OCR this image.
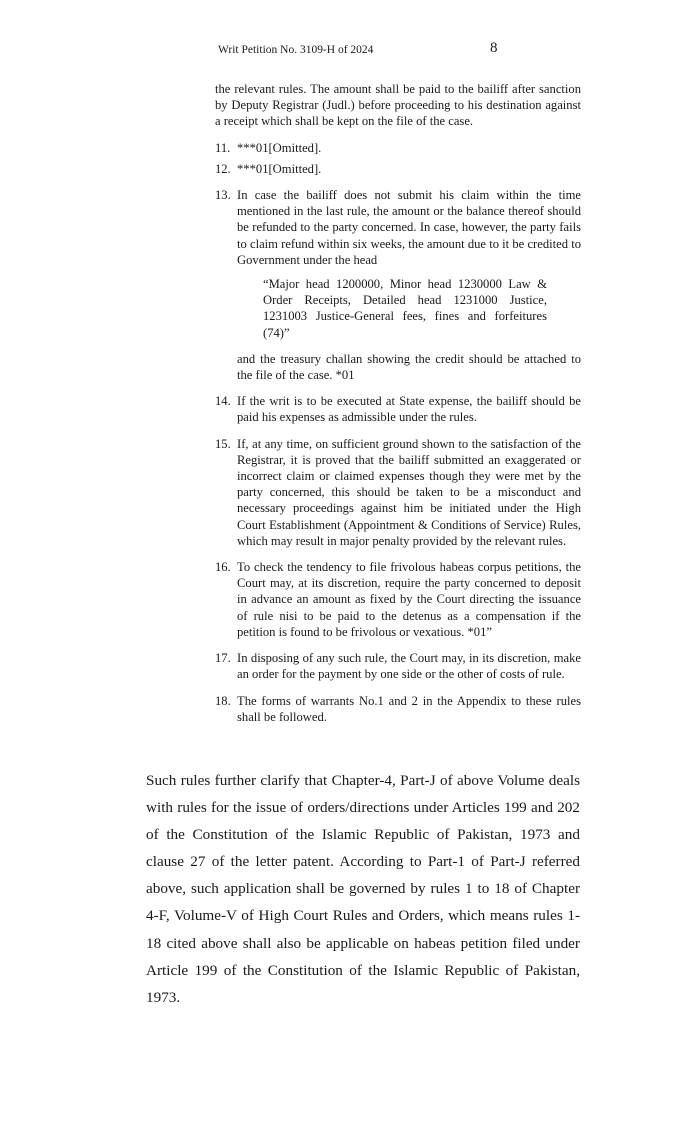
Writ Petition No. 3109-H of 2024	8

the relevant rules. The amount shall be paid to the bailiff after sanction by Deputy Registrar (Judl.) before proceeding to his destination against a receipt which shall be kept on the file of the case.

11. ***01[Omitted].
12. ***01[Omitted].
13. In case the bailiff does not submit his claim within the time mentioned in the last rule, the amount or the balance thereof should be refunded to the party concerned. In case, however, the party fails to claim refund within six weeks, the amount due to it be credited to Government under the head
“Major head 1200000, Minor head 1230000 Law & Order Receipts, Detailed head 1231000 Justice, 1231003 Justice-General fees, fines and forfeitures (74)”
and the treasury challan showing the credit should be attached to the file of the case. *01
14. If the writ is to be executed at State expense, the bailiff should be paid his expenses as admissible under the rules.
15. If, at any time, on sufficient ground shown to the satisfaction of the Registrar, it is proved that the bailiff submitted an exaggerated or incorrect claim or claimed expenses though they were met by the party concerned, this should be taken to be a misconduct and necessary proceedings against him be initiated under the High Court Establishment (Appointment & Conditions of Service) Rules, which may result in major penalty provided by the relevant rules.
16. To check the tendency to file frivolous habeas corpus petitions, the Court may, at its discretion, require the party concerned to deposit in advance an amount as fixed by the Court directing the issuance of rule nisi to be paid to the detenus as a compensation if the petition is found to be frivolous or vexatious. *01”
17. In disposing of any such rule, the Court may, in its discretion, make an order for the payment by one side or the other of costs of rule.
18. The forms of warrants No.1 and 2 in the Appendix to these rules shall be followed.

Such rules further clarify that Chapter-4, Part-J of above Volume deals with rules for the issue of orders/directions under Articles 199 and 202 of the Constitution of the Islamic Republic of Pakistan, 1973 and clause 27 of the letter patent. According to Part-1 of Part-J referred above, such application shall be governed by rules 1 to 18 of Chapter 4-F, Volume-V of High Court Rules and Orders, which means rules 1-18 cited above shall also be applicable on habeas petition filed under Article 199 of the Constitution of the Islamic Republic of Pakistan, 1973.
